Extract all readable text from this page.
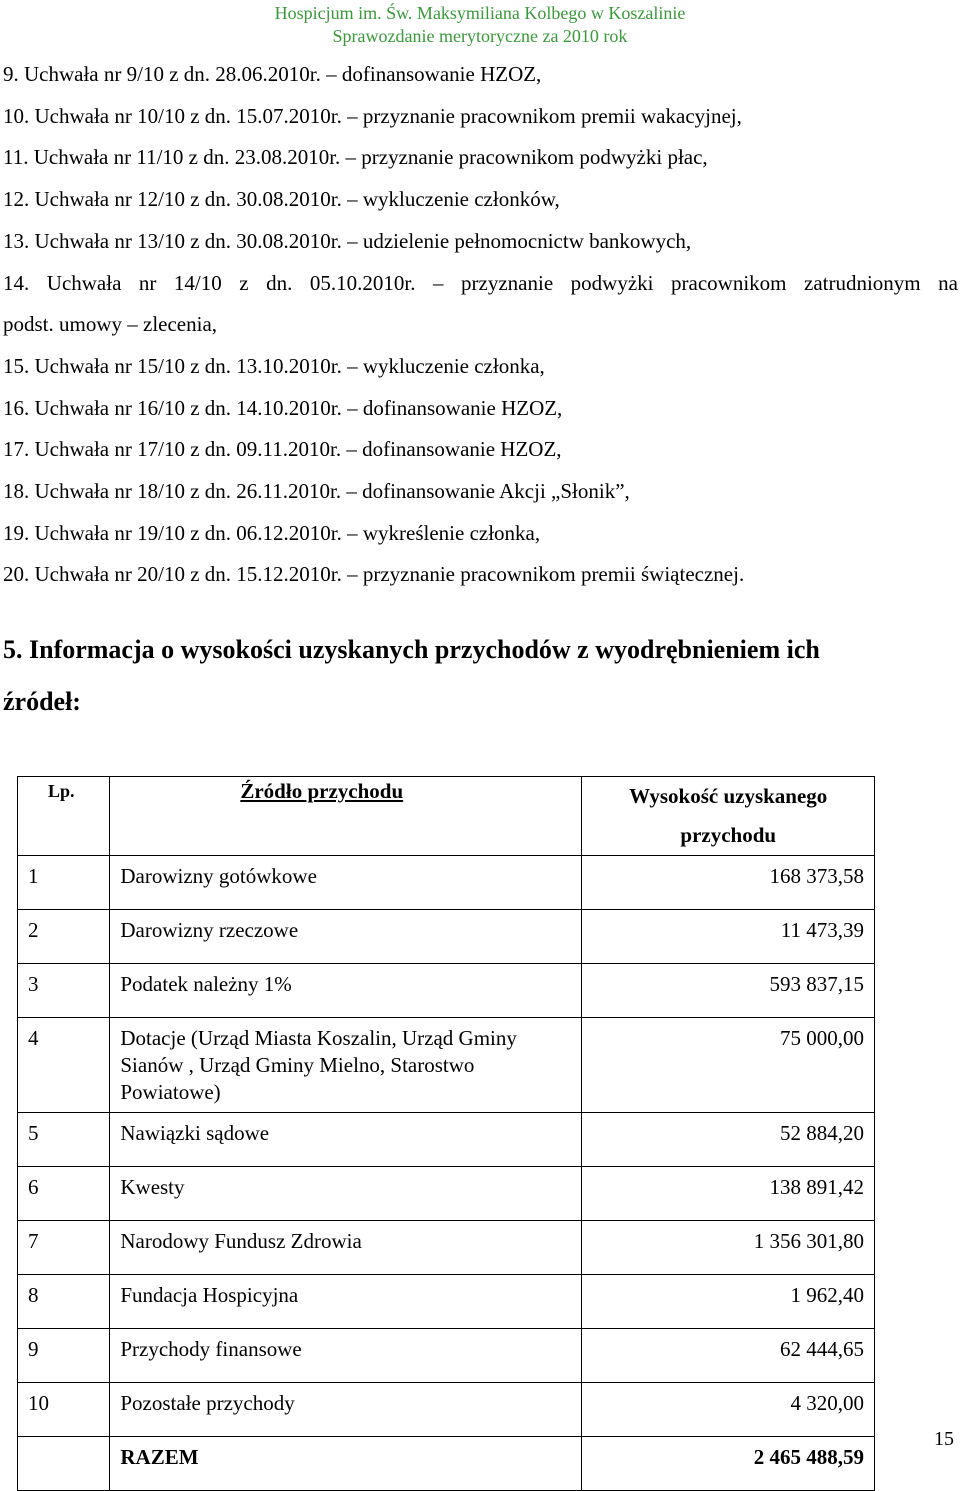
Hospicjum im. Św. Maksymiliana Kolbego w Koszalinie
Sprawozdanie merytoryczne za 2010 rok
9. Uchwała nr 9/10 z dn. 28.06.2010r. – dofinansowanie HZOZ,
10. Uchwała nr 10/10 z dn. 15.07.2010r. – przyznanie pracownikom premii wakacyjnej,
11. Uchwała nr 11/10 z dn. 23.08.2010r. – przyznanie pracownikom podwyżki płac,
12. Uchwała nr 12/10 z dn. 30.08.2010r. – wykluczenie członków,
13. Uchwała nr 13/10 z dn. 30.08.2010r. – udzielenie pełnomocnictw bankowych,
14. Uchwała nr 14/10 z dn. 05.10.2010r. – przyznanie podwyżki pracownikom zatrudnionym na
podst. umowy – zlecenia,
15. Uchwała nr 15/10 z dn. 13.10.2010r. – wykluczenie członka,
16. Uchwała nr 16/10 z dn. 14.10.2010r. – dofinansowanie HZOZ,
17. Uchwała nr 17/10 z dn. 09.11.2010r. – dofinansowanie HZOZ,
18. Uchwała nr 18/10 z dn. 26.11.2010r. – dofinansowanie Akcji „Słonik”,
19. Uchwała nr 19/10 z dn. 06.12.2010r. – wykreślenie członka,
20. Uchwała nr 20/10 z dn. 15.12.2010r. – przyznanie pracownikom premii świątecznej.
5. Informacja o wysokości uzyskanych przychodów z wyodrębnieniem ich źródeł:
Lp.	Źródło przychodu	Wysokość uzyskanego
przychodu

1	Darowizny gotówkowe	168 373,58
2	Darowizny rzeczowe	11 473,39
3	Podatek należny 1%	593 837,15
4	Dotacje (Urząd Miasta Koszalin, Urząd Gminy Sianów , Urząd Gminy Mielno, Starostwo Powiatowe)	75 000,00
5	Nawiązki sądowe	52 884,20
6	Kwesty	138 891,42
7	Narodowy Fundusz Zdrowia	1 356 301,80
8	Fundacja Hospicyjna	1 962,40
9	Przychody finansowe	62 444,65
10	Pozostałe przychody	4 320,00
	RAZEM	2 465 488,59
15
